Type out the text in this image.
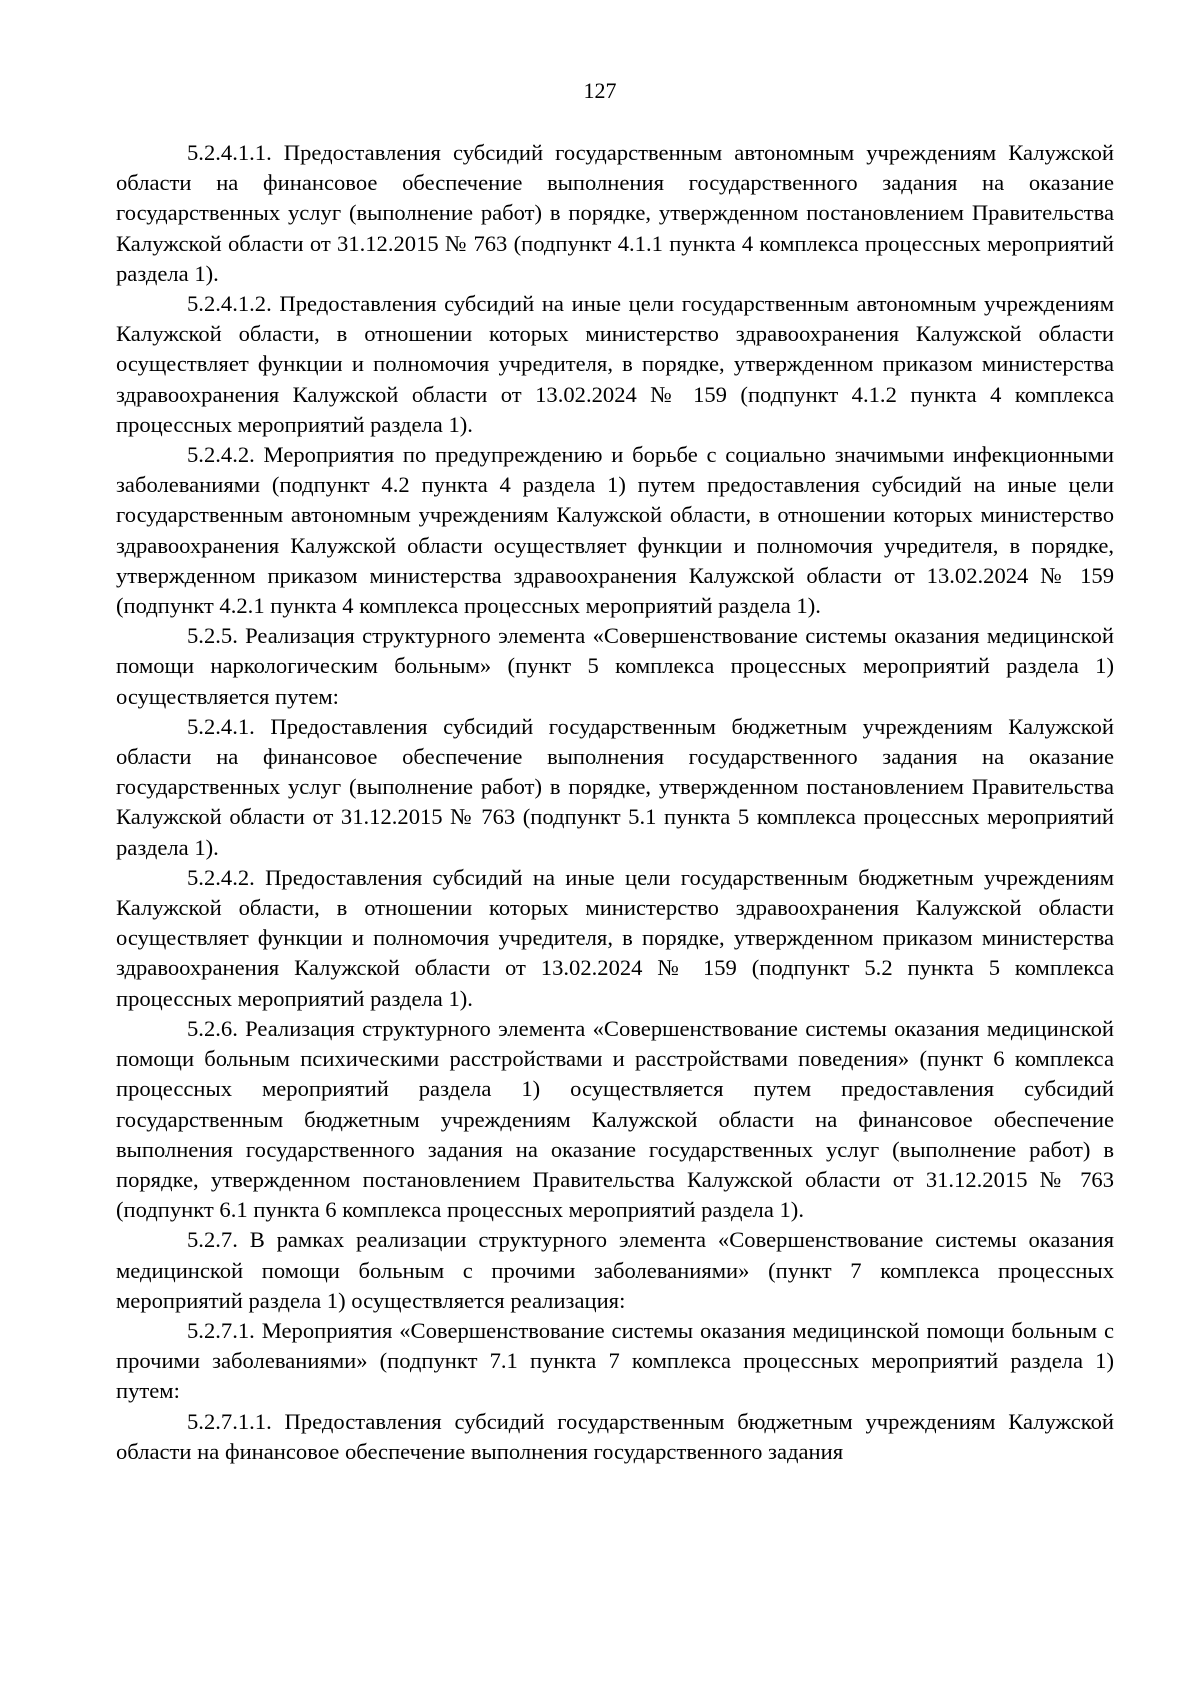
127

5.2.4.1.1. Предоставления субсидий государственным автономным учреждениям Калужской области на финансовое обеспечение выполнения государственного задания на оказание государственных услуг (выполнение работ) в порядке, утвержденном постановлением Правительства Калужской области от 31.12.2015 № 763 (подпункт 4.1.1 пункта 4 комплекса процессных мероприятий раздела 1).

5.2.4.1.2. Предоставления субсидий на иные цели государственным автономным учреждениям Калужской области, в отношении которых министерство здравоохранения Калужской области осуществляет функции и полномочия учредителя, в порядке, утвержденном приказом министерства здравоохранения Калужской области от 13.02.2024 № 159 (подпункт 4.1.2 пункта 4 комплекса процессных мероприятий раздела 1).

5.2.4.2. Мероприятия по предупреждению и борьбе с социально значимыми инфекционными заболеваниями (подпункт 4.2 пункта 4 раздела 1) путем предоставления субсидий на иные цели государственным автономным учреждениям Калужской области, в отношении которых министерство здравоохранения Калужской области осуществляет функции и полномочия учредителя, в порядке, утвержденном приказом министерства здравоохранения Калужской области от 13.02.2024 № 159 (подпункт 4.2.1 пункта 4 комплекса процессных мероприятий раздела 1).

5.2.5. Реализация структурного элемента «Совершенствование системы оказания медицинской помощи наркологическим больным» (пункт 5 комплекса процессных мероприятий раздела 1) осуществляется путем:

5.2.4.1. Предоставления субсидий государственным бюджетным учреждениям Калужской области на финансовое обеспечение выполнения государственного задания на оказание государственных услуг (выполнение работ) в порядке, утвержденном постановлением Правительства Калужской области от 31.12.2015 № 763 (подпункт 5.1 пункта 5 комплекса процессных мероприятий раздела 1).

5.2.4.2. Предоставления субсидий на иные цели государственным бюджетным учреждениям Калужской области, в отношении которых министерство здравоохранения Калужской области осуществляет функции и полномочия учредителя, в порядке, утвержденном приказом министерства здравоохранения Калужской области от 13.02.2024 № 159 (подпункт 5.2 пункта 5 комплекса процессных мероприятий раздела 1).

5.2.6. Реализация структурного элемента «Совершенствование системы оказания медицинской помощи больным психическими расстройствами и расстройствами поведения» (пункт 6 комплекса процессных мероприятий раздела 1) осуществляется путем предоставления субсидий государственным бюджетным учреждениям Калужской области на финансовое обеспечение выполнения государственного задания на оказание государственных услуг (выполнение работ) в порядке, утвержденном постановлением Правительства Калужской области от 31.12.2015 № 763 (подпункт 6.1 пункта 6 комплекса процессных мероприятий раздела 1).

5.2.7. В рамках реализации структурного элемента «Совершенствование системы оказания медицинской помощи больным с прочими заболеваниями» (пункт 7 комплекса процессных мероприятий раздела 1) осуществляется реализация:

5.2.7.1. Мероприятия «Совершенствование системы оказания медицинской помощи больным с прочими заболеваниями» (подпункт 7.1 пункта 7 комплекса процессных мероприятий раздела 1) путем:

5.2.7.1.1. Предоставления субсидий государственным бюджетным учреждениям Калужской области на финансовое обеспечение выполнения государственного задания
